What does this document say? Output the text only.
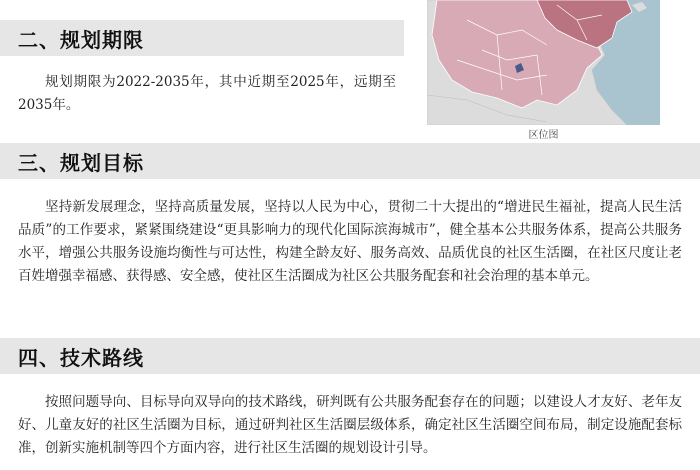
区位图
二、规划期限
规划期限为2022-2035年，其中近期至2025年，远期至2035年。
三、规划目标
坚持新发展理念，坚持高质量发展，坚持以人民为中心，贯彻二十大提出的“增进民生福祉，提高人民生活品质”的工作要求，紧紧围绕建设“更具影响力的现代化国际滨海城市”，健全基本公共服务体系，提高公共服务水平，增强公共服务设施均衡性与可达性，构建全龄友好、服务高效、品质优良的社区生活圈，在社区尺度让老百姓增强幸福感、获得感、安全感，使社区生活圈成为社区公共服务配套和社会治理的基本单元。
四、技术路线
按照问题导向、目标导向双导向的技术路线，研判既有公共服务配套存在的问题；以建设人才友好、老年友好、儿童友好的社区生活圈为目标，通过研判社区生活圈层级体系，确定社区生活圈空间布局，制定设施配套标准，创新实施机制等四个方面内容，进行社区生活圈的规划设计引导。
